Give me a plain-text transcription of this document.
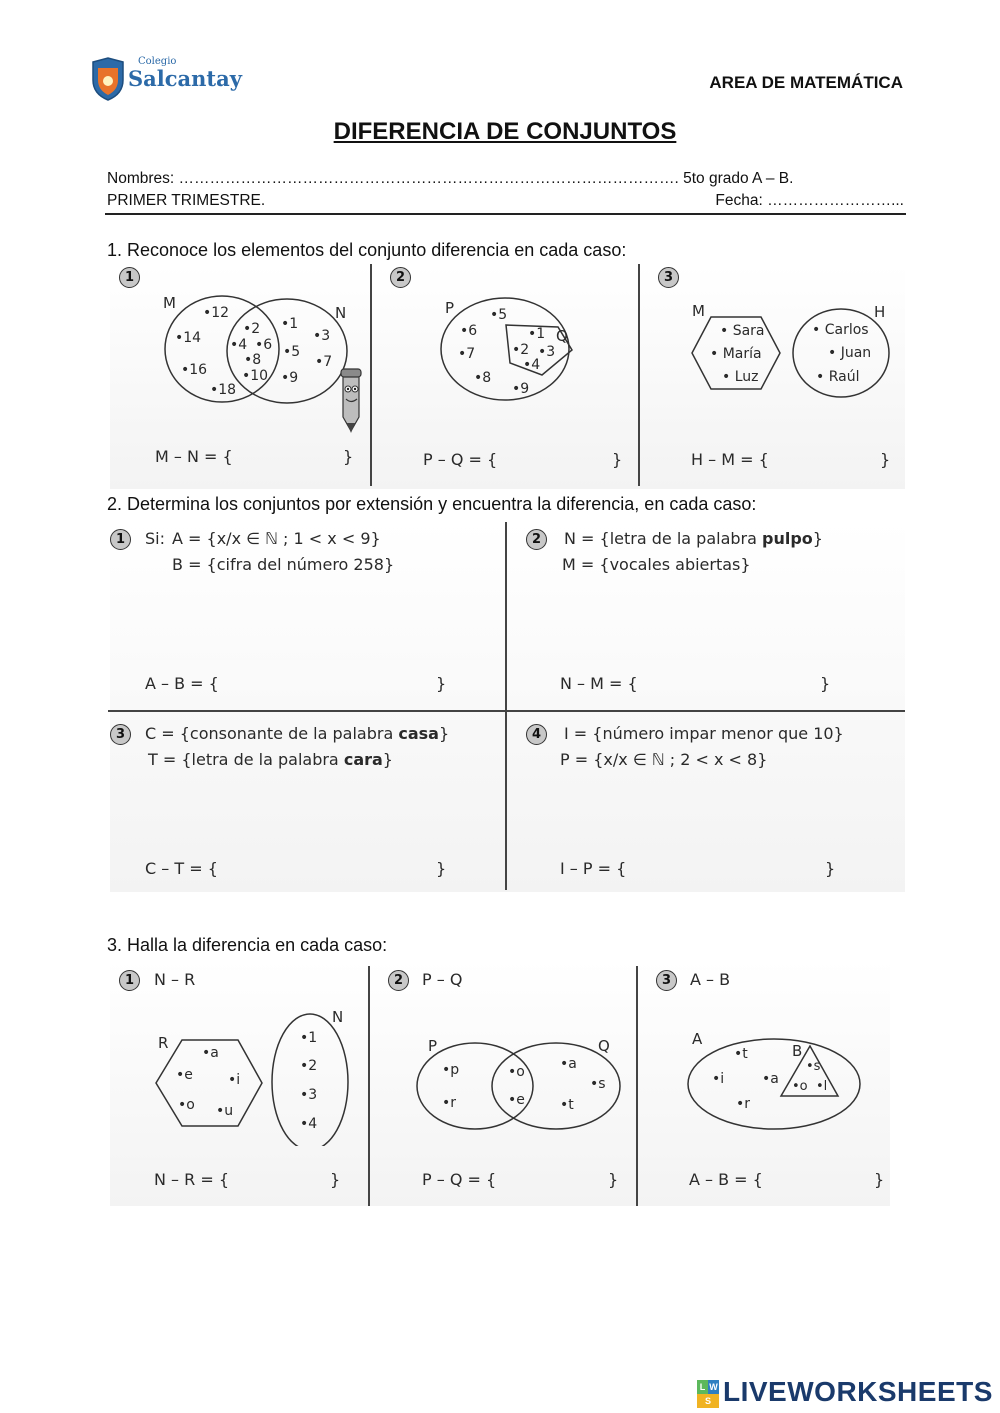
Colegio
Salcantay	AREA DE MATEMÁTICA
DIFERENCIA DE CONJUNTOS
Nombres: ……………………………………………………………………………………. 5to grado A – B.
PRIMER TRIMESTRE.	Fecha: ……………………...
1. Reconoce los elementos del conjunto diferencia en cada caso:
1
M
N
•12
•14
•16
•18
•2
•4 •6
•8
•10
•1
•3
•5
•7
•9
M – N = {	}
2
P
Q
•5
•6
•7
•8
•9
•1
•2 •3
•4
P – Q = {	}
3
M	H
• Sara
• María
• Luz
• Carlos
• Juan
• Raúl
H – M = {	}
2. Determina los conjuntos por extensión y encuentra la diferencia, en cada caso:
1	Si: A = {x/x ∈ ℕ ; 1 < x < 9}
B = {cifra del número 258}
A – B = {	}
2	N = {letra de la palabra pulpo}
M = {vocales abiertas}
N – M = {	}
3	C = {consonante de la palabra casa}
T = {letra de la palabra cara}
C – T = {	}
4	I = {número impar menor que 10}
P = {x/x ∈ ℕ ; 2 < x < 8}
I – P = {	}
3. Halla la diferencia en cada caso:
1	N – R
R
N
•a
•e	•i
•o •u
•1
•2
•3
•4
N – R = {	}
2	P – Q
P	Q
•p
•r
•o
•e
•a
•s
•t
P – Q = {	}
3	A – B
A
B
•t
•i	•a
•r
•s
•o •l
A – B = {	}
L W
S LIVEWORKSHEETS
